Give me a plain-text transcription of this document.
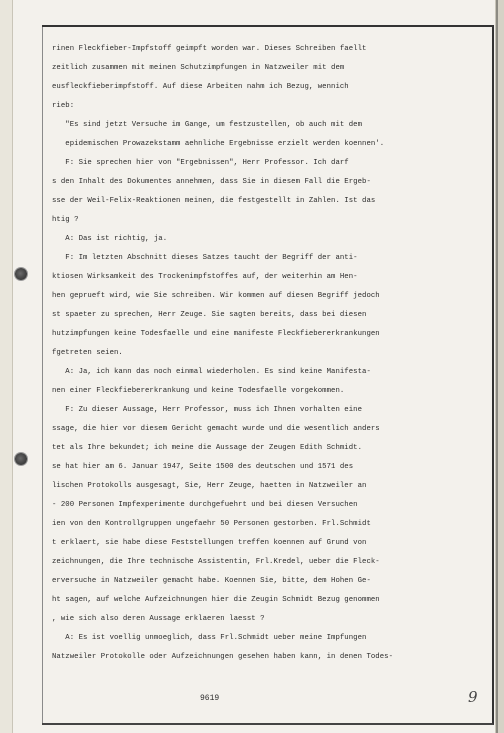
rinen Fleckfieber-Impfstoff geimpft worden war. Dieses Schreiben faellt
zeitlich zusammen mit meinen Schutzimpfungen in Natzweiler mit dem
eusfleckfieberimpfstoff. Auf diese Arbeiten nahm ich Bezug, wennich
rieb:
"Es sind jetzt Versuche im Gange, um festzustellen, ob auch mit dem
epidemischen Prowazekstamm aehnliche Ergebnisse erzielt werden koennen'.
F: Sie sprechen hier von "Ergebnissen", Herr Professor. Ich darf
s den Inhalt des Dokumentes annehmen, dass Sie in diesem Fall die Ergeb-
sse der Weil-Felix-Reaktionen meinen, die festgestellt in Zahlen. Ist das
htig ?
A: Das ist richtig, ja.
F: Im letzten Abschnitt dieses Satzes taucht der Begriff der anti-
ktiosen Wirksamkeit des Trockenimpfstoffes auf, der weiterhin am Hen-
hen geprueft wird, wie Sie schreiben. Wir kommen auf diesen Begriff jedoch
st spaeter zu sprechen, Herr Zeuge. Sie sagten bereits, dass bei diesen
hutzimpfungen keine Todesfaelle und eine manifeste Fleckfiebererkrankungen
fgetreten seien.
A: Ja, ich kann das noch einmal wiederholen. Es sind keine Manifesta-
nen einer Fleckfiebererkrankung und keine Todesfaelle vorgekommen.
F: Zu dieser Aussage, Herr Professor, muss ich Ihnen vorhalten eine
ssage, die hier vor diesem Gericht gemacht wurde und die wesentlich anders
tet als Ihre bekundet; ich meine die Aussage der Zeugen Edith Schmidt.
se hat hier am 6. Januar 1947, Seite 1500 des deutschen und 1571 des
lischen Protokolls ausgesagt, Sie, Herr Zeuge, haetten in Natzweiler an
- 200 Personen Impfexperimente durchgefuehrt und bei diesen Versuchen
ien von den Kontrollgruppen ungefaehr 50 Personen gestorben. Frl.Schmidt
t erklaert, sie habe diese Feststellungen treffen koennen auf Grund von
zeichnungen, die Ihre technische Assistentin, Frl.Kredel, ueber die Fleck-
erversuche in Natzweiler gemacht habe. Koennen Sie, bitte, dem Hohen Ge-
ht sagen, auf welche Aufzeichnungen hier die Zeugin Schmidt Bezug genommen
, wie sich also deren Aussage erklaeren laesst ?
A: Es ist voellig unmoeglich, dass Frl.Schmidt ueber meine Impfungen
Natzweiler Protokolle oder Aufzeichnungen gesehen haben kann, in denen Todes-
9619	9
